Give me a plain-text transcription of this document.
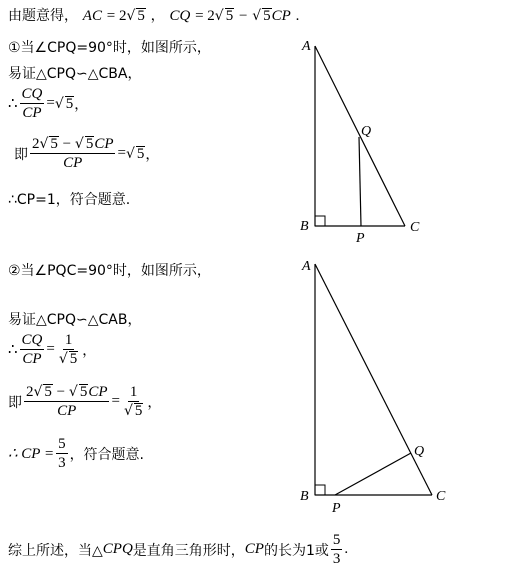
由题意得， AC = 2√ 5 ， CQ = 2√ 5 − √ 5CP .
①当∠CPQ=90°时，如图所示，
易证△CPQ∽△CBA，
∴ $\frac{CQ}{CP}$ = √ 5 ，
即 $\frac{2√ 5 - √ 5CP}{CP}$ = √ 5 ，
∴CP=1，符合题意.
A
B	C
Q
P
②当∠PQC=90°时，如图所示，
易证△CPQ∽△CAB，
∴ $\frac{CQ}{CP} = \frac{1}{√ 5}$ ，
即 $\frac{2√ 5 - √ 5CP}{CP} = \frac{1}{√ 5}$ ，
∴ CP = $\frac{5}{3}$ ，符合题意.
A
B	C
Q
P
综上所述，当△ CPQ 是直角三角形时， CP 的长为1或 $\frac{5}{3}$ .
